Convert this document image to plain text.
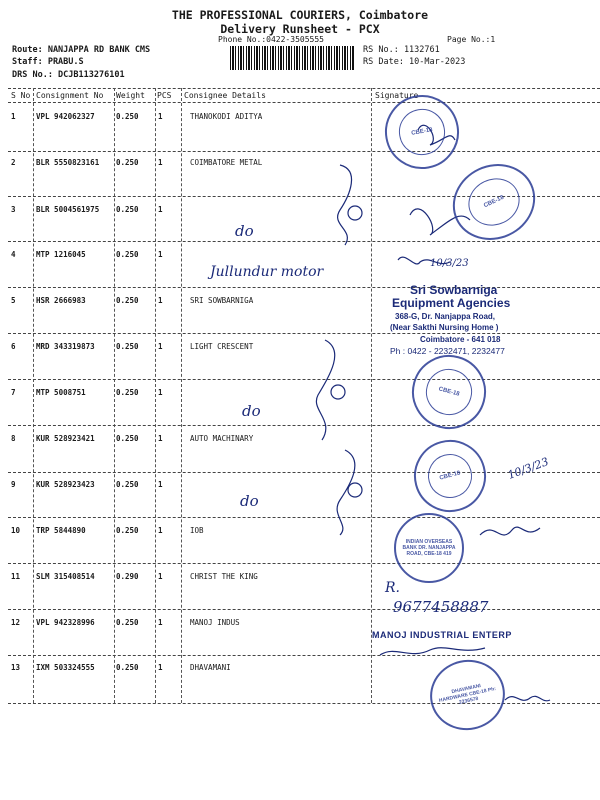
THE PROFESSIONAL COURIERS, Coimbatore
Delivery Runsheet - PCX
Phone No.:0422-3505555	Page No.:1
Route: NANJAPPA RD BANK CMS
Staff: PRABU.S
DRS No.: DCJB113276101
RS No.: 1132761
RS Date: 10-Mar-2023
S No Consignment No Weight PCS Consignee Details	Signature
1	VPL 942062327	0.250	1	THANOKODI ADITYA
2	BLR 5550823161 0.250	1	COIMBATORE METAL
3	BLR 5004561975 0.250	1
4	MTP 1216045	0.250	1
5	HSR 2666983	0.250	1	SRI SOWBARNIGA
6	MRD 343319873	0.250	1	LIGHT CRESCENT
7	MTP 5008751	0.250	1
8	KUR 528923421	0.250	1	AUTO MACHINARY
9	KUR 528923423	0.250	1
10 TRP 5844890	0.250	1	IOB
11 SLM 315408514	0.290	1	CHRIST THE KING
12 VPL 942328996	0.250	1	MANOJ INDUS
13 IXM 503324555	0.250	1	DHAVAMANI
do
do
do
Jullundur motor
10/3/23
10/3/23
R.
9677458887
CBE-18
CBE-18
Sri Sowbarniga
Equipment Agencies
368-G, Dr. Nanjappa Road,
(Near Sakthi Nursing Home )
Coimbatore - 641 018
Ph : 0422 - 2232471, 2232477
CBE-18
CBE-18
INDIAN OVERSEAS BANK DR. NANJAPPA ROAD, CBE-18 419
MANOJ INDUSTRIAL ENTERP
DHAVAMANI HARDWARE CBE-18 Ph: 2236578
